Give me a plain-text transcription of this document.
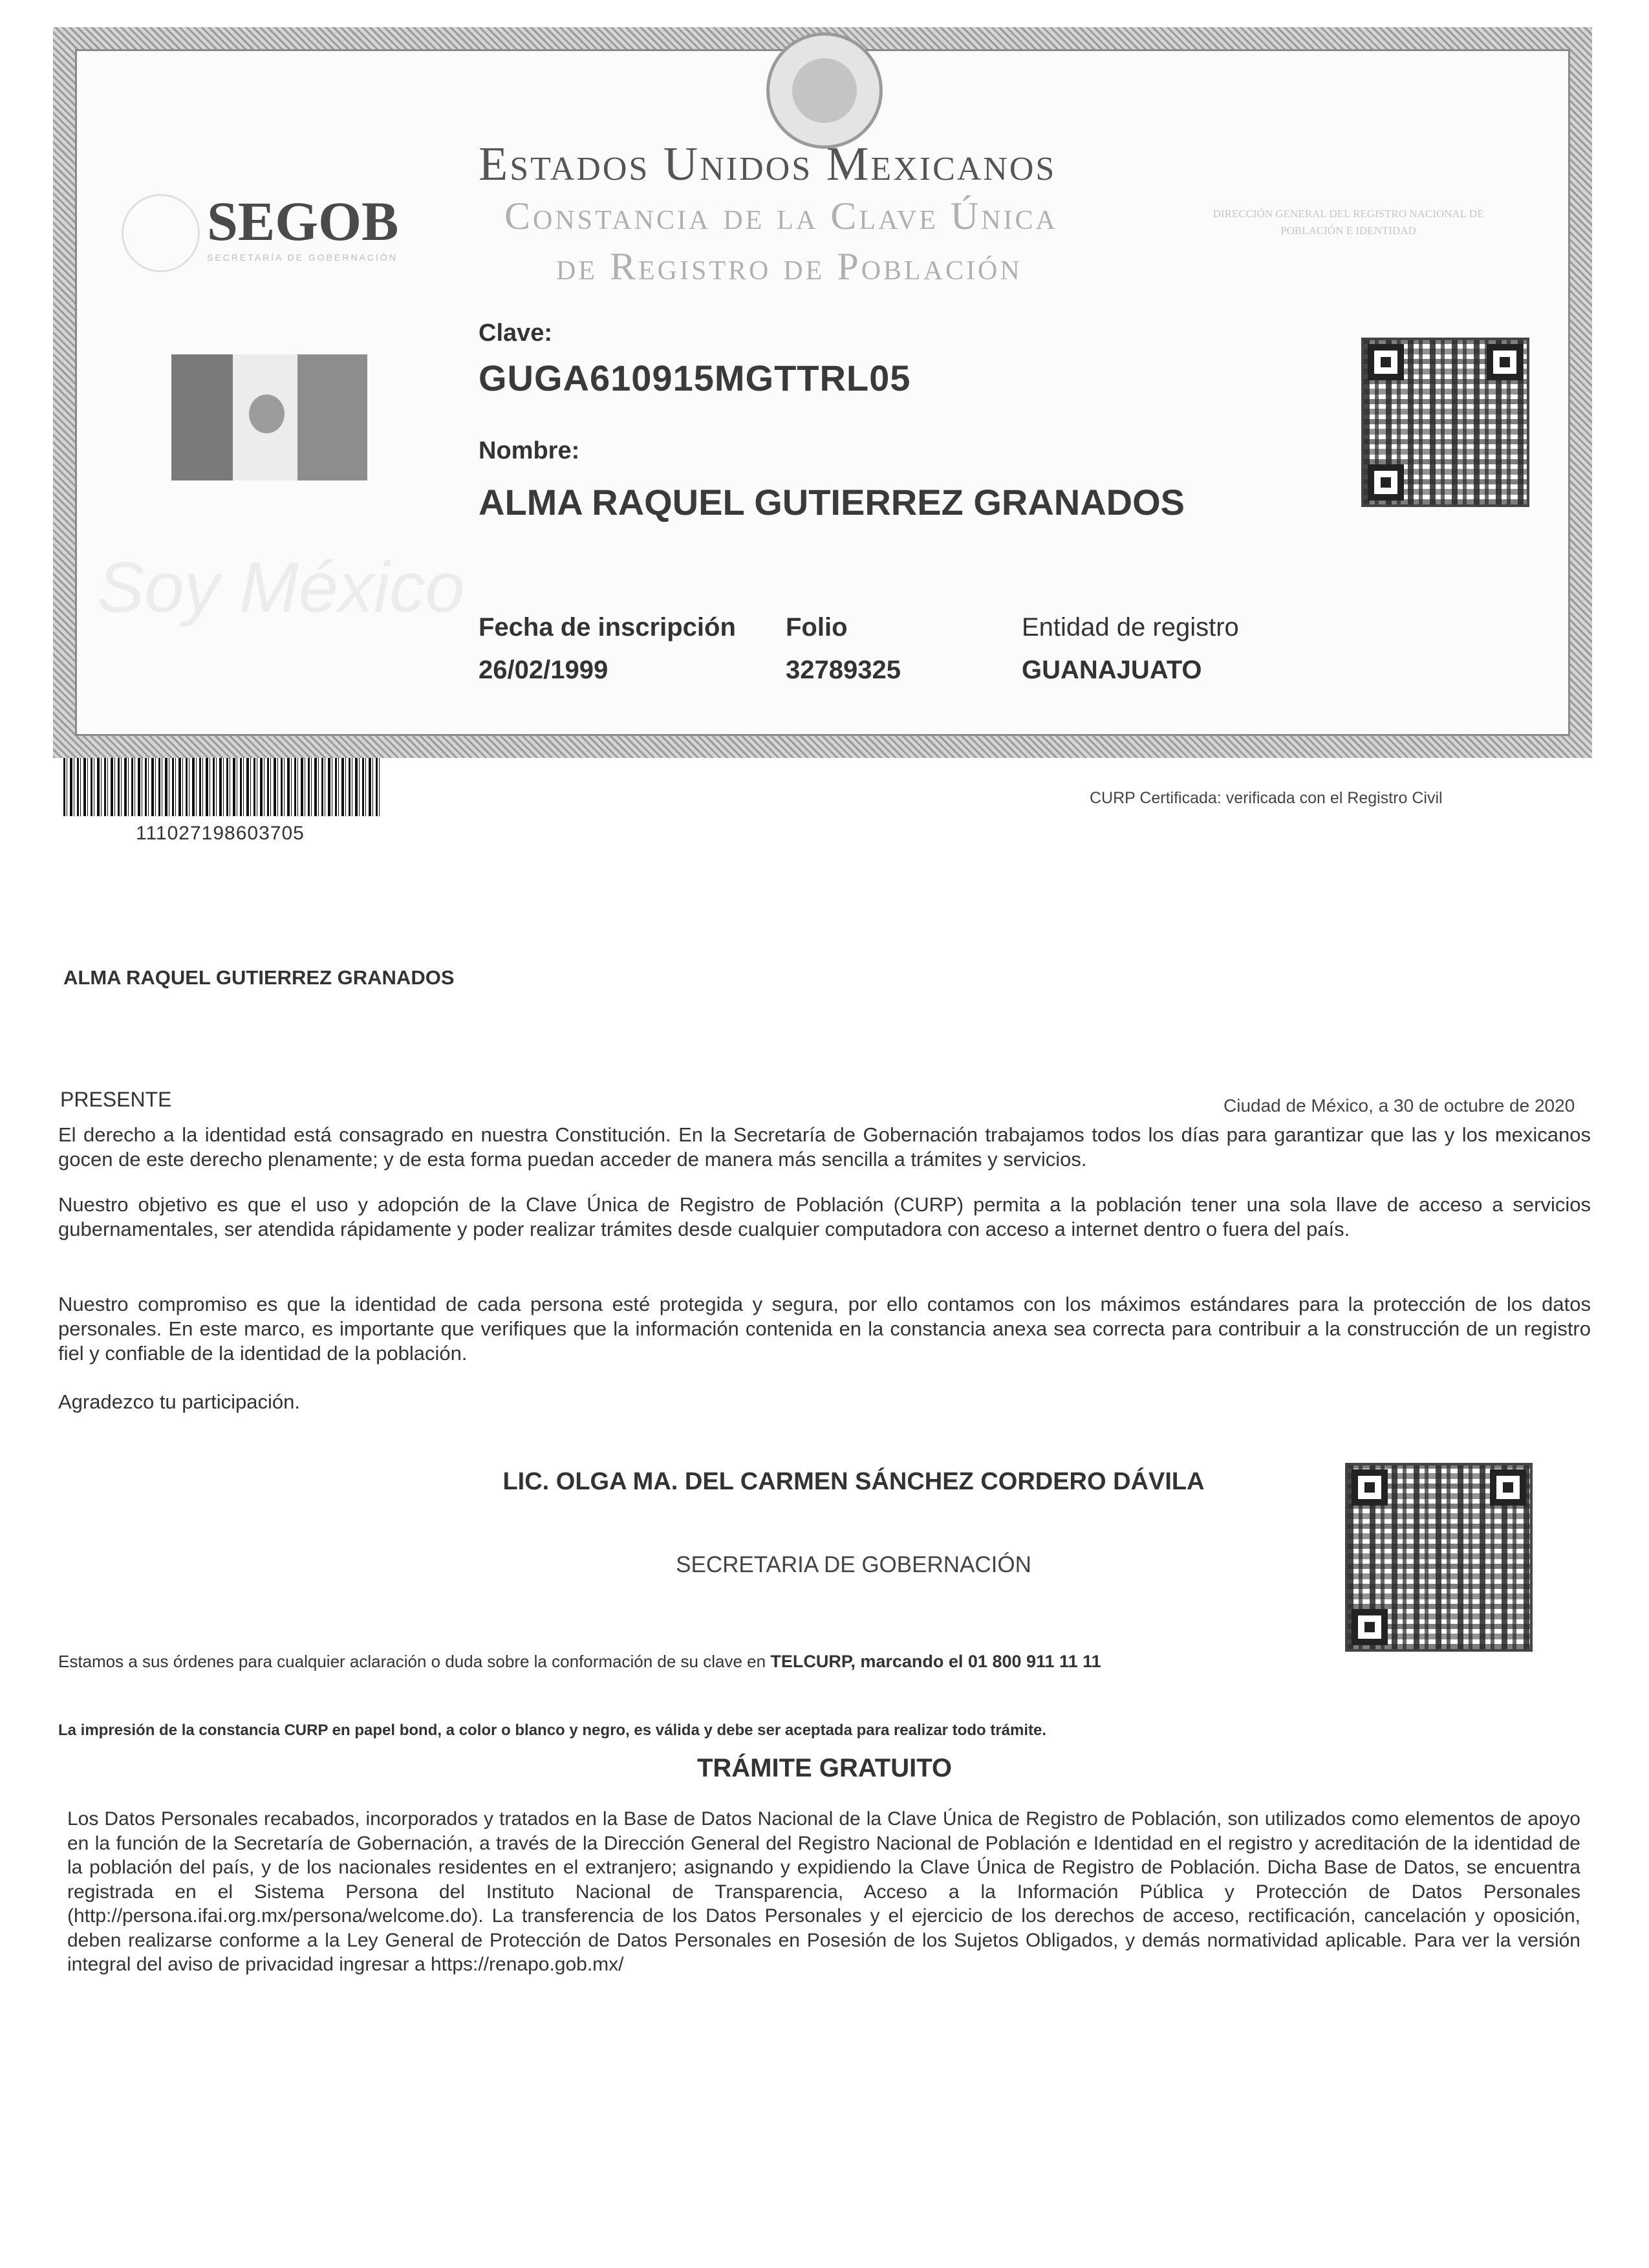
Estados Unidos Mexicanos
Constancia de la Clave Única
de Registro de Población
SEGOB
SECRETARÍA DE GOBERNACIÓN
DIRECCIÓN GENERAL DEL REGISTRO NACIONAL DE POBLACIÓN E IDENTIDAD
Soy México
Clave:
GUGA610915MGTTRL05
Nombre:
ALMA RAQUEL GUTIERREZ GRANADOS
Fecha de inscripción
26/02/1999
Folio
32789325
Entidad de registro
GUANAJUATO
111027198603705
CURP Certificada: verificada con el Registro Civil
ALMA RAQUEL GUTIERREZ GRANADOS
PRESENTE	Ciudad de México, a 30 de octubre de 2020
El derecho a la identidad está consagrado en nuestra Constitución. En la Secretaría de Gobernación trabajamos todos los días para garantizar que las y los mexicanos gocen de este derecho plenamente; y de esta forma puedan acceder de manera más sencilla a trámites y servicios.
Nuestro objetivo es que el uso y adopción de la Clave Única de Registro de Población (CURP) permita a la población tener una sola llave de acceso a servicios gubernamentales, ser atendida rápidamente y poder realizar trámites desde cualquier computadora con acceso a internet dentro o fuera del país.
Nuestro compromiso es que la identidad de cada persona esté protegida y segura, por ello contamos con los máximos estándares para la protección de los datos personales. En este marco, es importante que verifiques que la información contenida en la constancia anexa sea correcta para contribuir a la construcción de un registro fiel y confiable de la identidad de la población.
Agradezco tu participación.
LIC. OLGA MA. DEL CARMEN SÁNCHEZ CORDERO DÁVILA
SECRETARIA DE GOBERNACIÓN
Estamos a sus órdenes para cualquier aclaración o duda sobre la conformación de su clave en TELCURP, marcando el 01 800 911 11 11
La impresión de la constancia CURP en papel bond, a color o blanco y negro, es válida y debe ser aceptada para realizar todo trámite.
TRÁMITE GRATUITO
Los Datos Personales recabados, incorporados y tratados en la Base de Datos Nacional de la Clave Única de Registro de Población, son utilizados como elementos de apoyo en la función de la Secretaría de Gobernación, a través de la Dirección General del Registro Nacional de Población e Identidad en el registro y acreditación de la identidad de la población del país, y de los nacionales residentes en el extranjero; asignando y expidiendo la Clave Única de Registro de Población. Dicha Base de Datos, se encuentra registrada en el Sistema Persona del Instituto Nacional de Transparencia, Acceso a la Información Pública y Protección de Datos Personales (http://persona.ifai.org.mx/persona/welcome.do). La transferencia de los Datos Personales y el ejercicio de los derechos de acceso, rectificación, cancelación y oposición, deben realizarse conforme a la Ley General de Protección de Datos Personales en Posesión de los Sujetos Obligados, y demás normatividad aplicable. Para ver la versión integral del aviso de privacidad ingresar a https://renapo.gob.mx/
